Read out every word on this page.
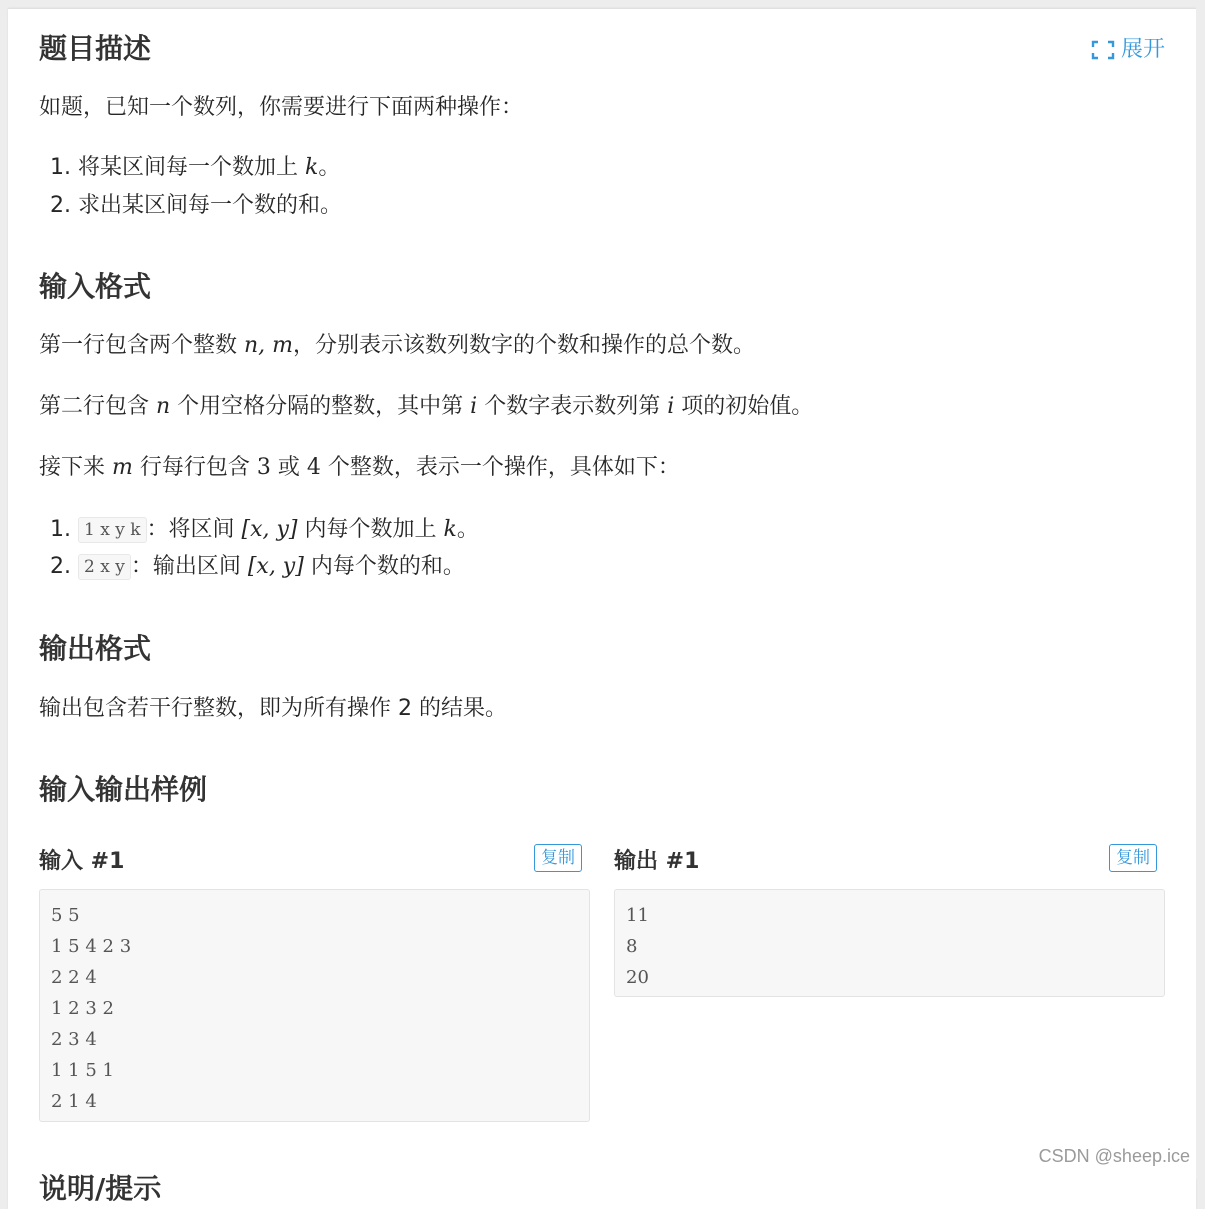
题目描述	展开

如题，已知一个数列，你需要进行下面两种操作：

1. 将某区间每一个数加上 k。
2. 求出某区间每一个数的和。
输入格式

第一行包含两个整数 n, m，分别表示该数列数字的个数和操作的总个数。

第二行包含 n 个用空格分隔的整数，其中第 i 个数字表示数列第 i 项的初始值。

接下来 m 行每行包含 3 或 4 个整数，表示一个操作，具体如下：

1. 1 x y k ：将区间 [x, y] 内每个数加上 k。
2. 2 x y ：输出区间 [x, y] 内每个数的和。
输出格式

输出包含若干行整数，即为所有操作 2 的结果。

输入输出样例
输入 #1	复制
5 5
1 5 4 2 3
2 2 4
1 2 3 2
2 3 4
1 1 5 1
2 1 4
输出 #1	复制
11
8
20
说明/提示
CSDN @sheep.ice
